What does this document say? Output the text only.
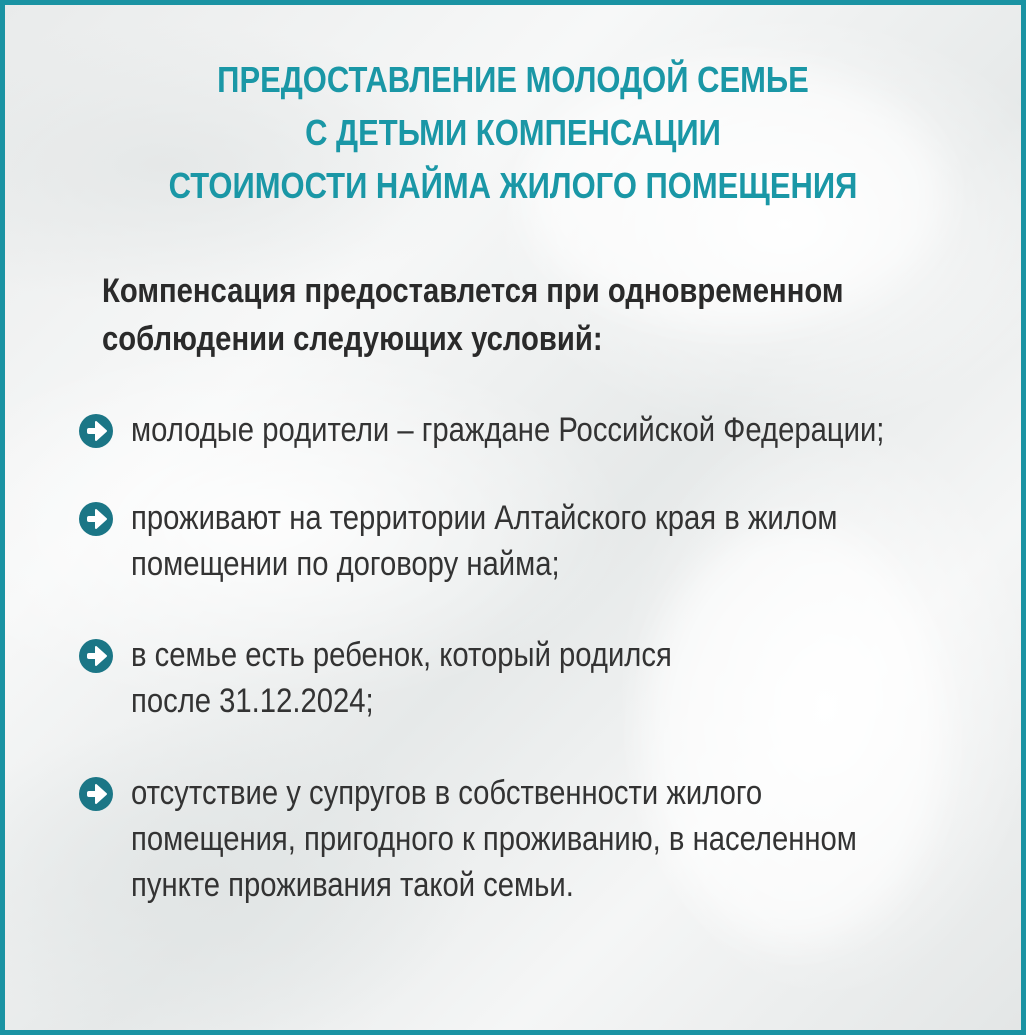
ПРЕДОСТАВЛЕНИЕ МОЛОДОЙ СЕМЬЕ
С ДЕТЬМИ КОМПЕНСАЦИИ
СТОИМОСТИ НАЙМА ЖИЛОГО ПОМЕЩЕНИЯ
Компенсация предоставлется при одновременном
соблюдении следующих условий:
молодые родители – граждане Российской Федерации;
проживают на территории Алтайского края в жилом
помещении по договору найма;
в семье есть ребенок, который родился
после 31.12.2024;
отсутствие у супругов в собственности жилого
помещения, пригодного к проживанию, в населенном
пункте проживания такой семьи.
